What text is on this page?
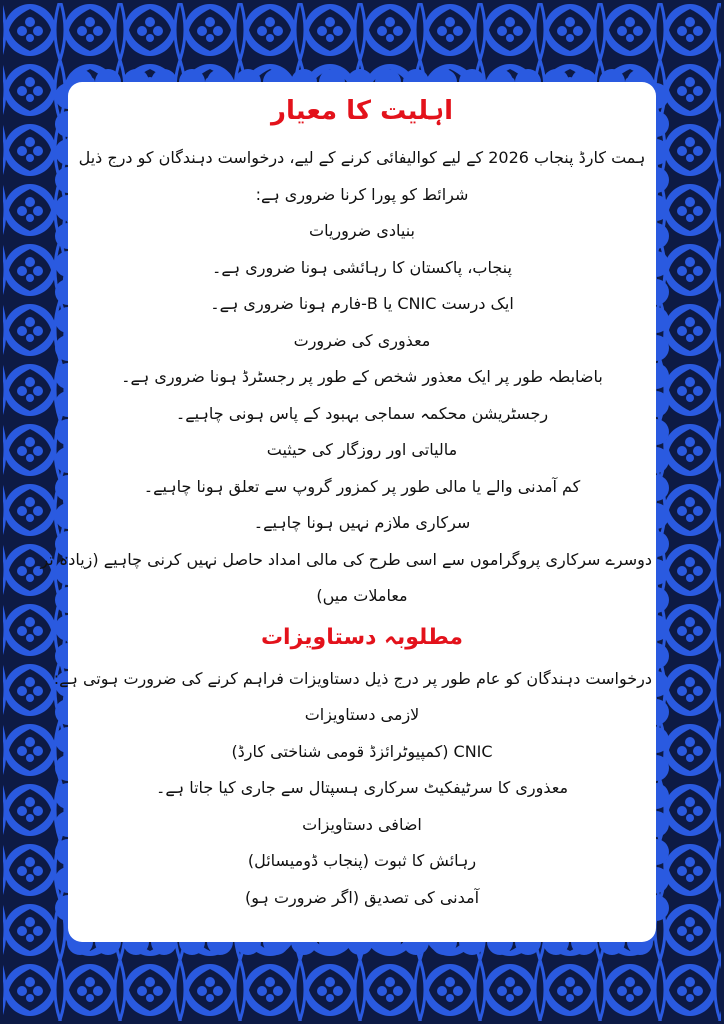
اہلیت کا معیار
ہمت کارڈ پنجاب 2026 کے لیے کوالیفائی کرنے کے لیے، درخواست دہندگان کو درج ذیل
شرائط کو پورا کرنا ضروری ہے:
بنیادی ضروریات
پنجاب، پاکستان کا رہائشی ہونا ضروری ہے۔
ایک درست CNIC یا B-فارم ہونا ضروری ہے۔
معذوری کی ضرورت
باضابطہ طور پر ایک معذور شخص کے طور پر رجسٹرڈ ہونا ضروری ہے۔
رجسٹریشن محکمہ سماجی بہبود کے پاس ہونی چاہیے۔
مالیاتی اور روزگار کی حیثیت
کم آمدنی والے یا مالی طور پر کمزور گروپ سے تعلق ہونا چاہیے۔
سرکاری ملازم نہیں ہونا چاہیے۔
دوسرے سرکاری پروگراموں سے اسی طرح کی مالی امداد حاصل نہیں کرنی چاہیے (زیادہ تر
معاملات میں)
مطلوبہ دستاویزات
درخواست دہندگان کو عام طور پر درج ذیل دستاویزات فراہم کرنے کی ضرورت ہوتی ہے:
لازمی دستاویزات
CNIC (کمپیوٹرائزڈ قومی شناختی کارڈ)
معذوری کا سرٹیفکیٹ سرکاری ہسپتال سے جاری کیا جاتا ہے۔
اضافی دستاویزات
رہائش کا ثبوت (پنجاب ڈومیسائل)
آمدنی کی تصدیق (اگر ضرورت ہو)
